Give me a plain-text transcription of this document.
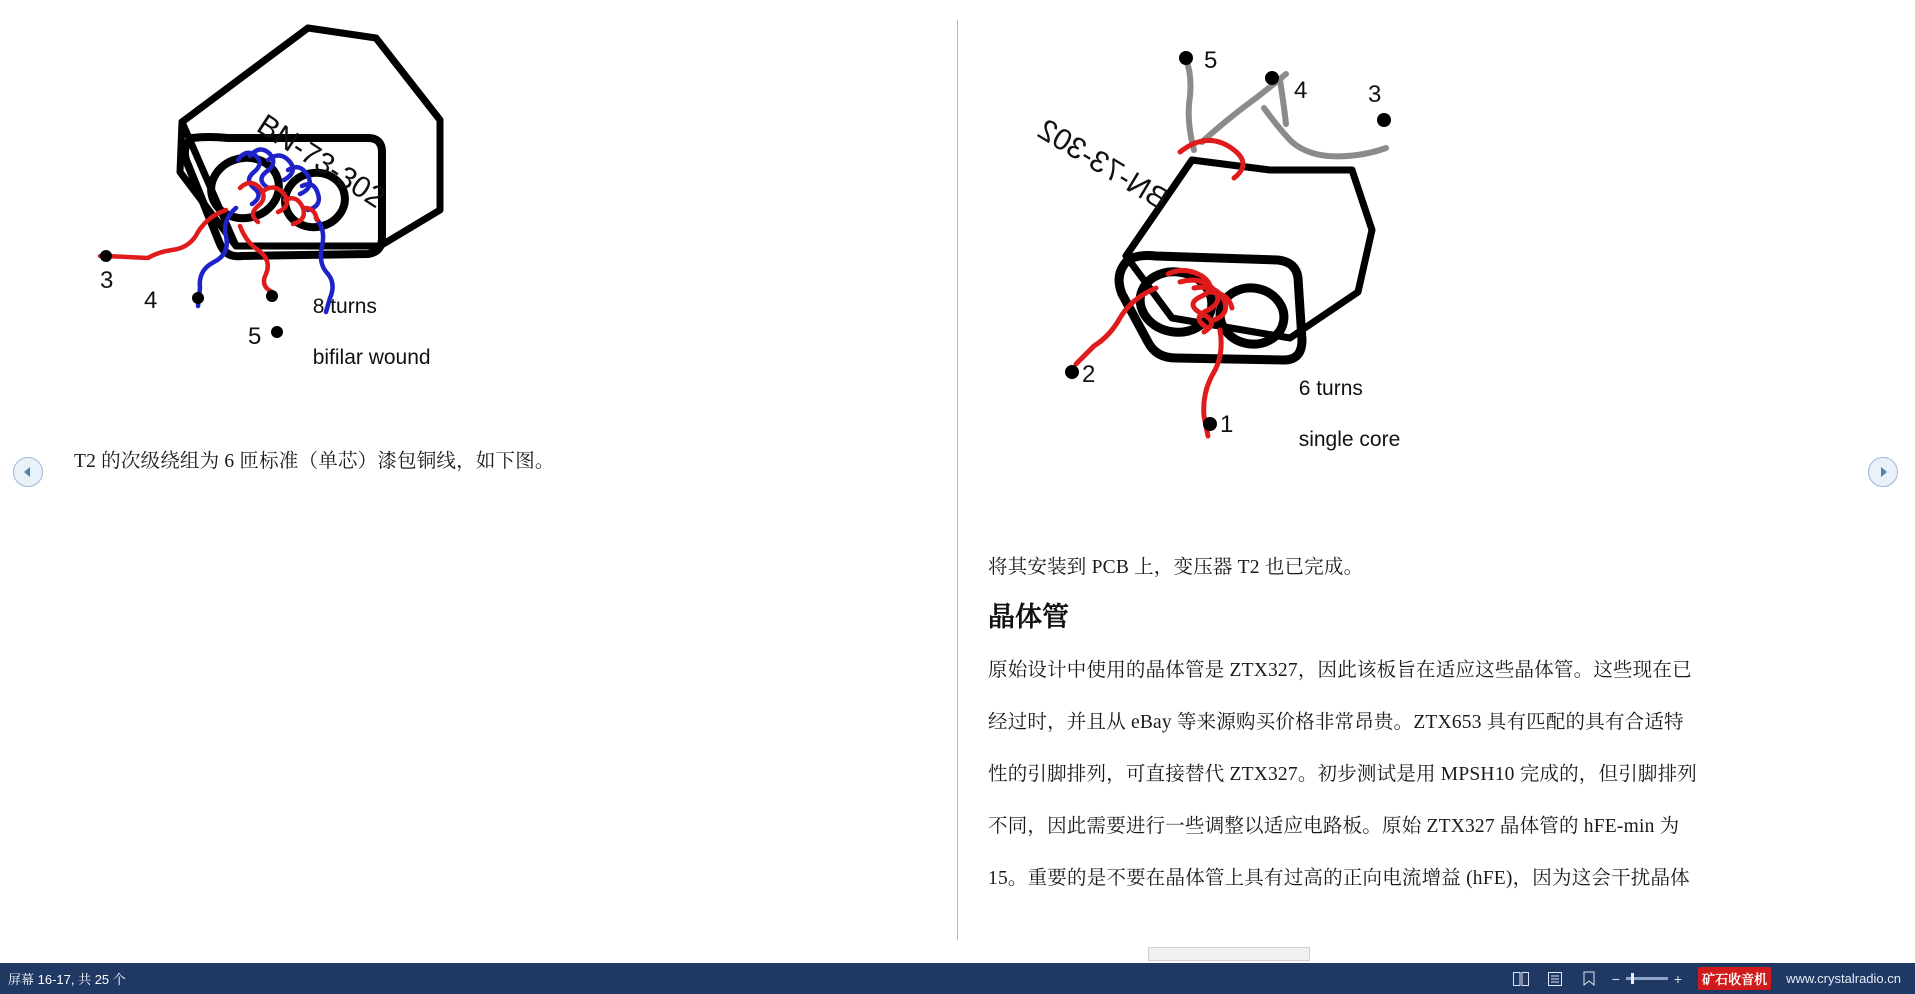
BN-73-302
3
4
5

8 turns

bifilar wound

T2 的次级绕组为 6 匝标准（单芯）漆包铜线，如下图。
BN-73-302
5
4	3
2
1

6 turns

single core

将其安装到 PCB 上，变压器 T2 也已完成。
晶体管
原始设计中使用的晶体管是 ZTX327，因此该板旨在适应这些晶体管。这些现在已
经过时，并且从 eBay 等来源购买价格非常昂贵。ZTX653 具有匹配的具有合适特
性的引脚排列，可直接替代 ZTX327。初步测试是用 MPSH10 完成的，但引脚排列
不同，因此需要进行一些调整以适应电路板。原始 ZTX327 晶体管的 hFE-min 为
15。重要的是不要在晶体管上具有过高的正向电流增益 (hFE)，因为这会干扰晶体
屏幕 16-17, 共 25 个	−	+	矿石收音机	www.crystalradio.cn
